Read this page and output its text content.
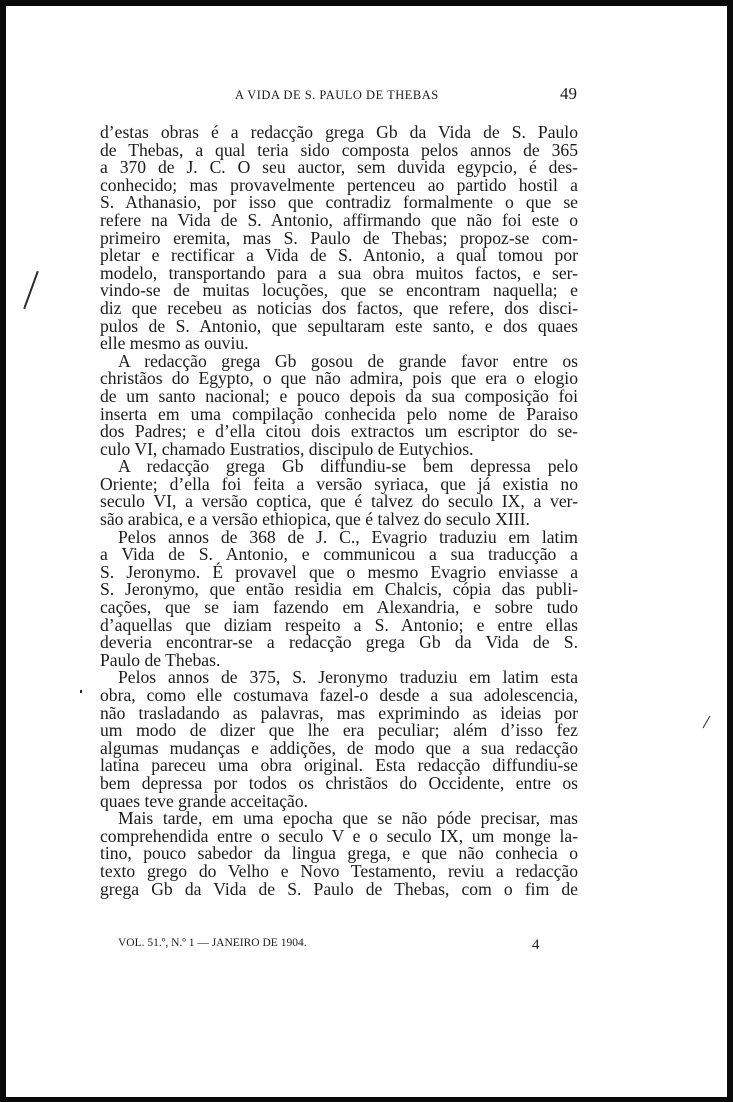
A VIDA DE S. PAULO DE THEBAS	49
d’estas obras é a redacção grega Gb da Vida de S. Paulo
de Thebas, a qual teria sido composta pelos annos de 365
a 370 de J. C. O seu auctor, sem duvida egypcio, é des-
conhecido; mas provavelmente pertenceu ao partido hostil a
S. Athanasio, por isso que contradiz formalmente o que se
refere na Vida de S. Antonio, affirmando que não foi este o
primeiro eremita, mas S. Paulo de Thebas; propoz-se com-
pletar e rectificar a Vida de S. Antonio, a qual tomou por
modelo, transportando para a sua obra muitos factos, e ser-
vindo-se de muitas locuções, que se encontram naquella; e
diz que recebeu as noticias dos factos, que refere, dos disci-
pulos de S. Antonio, que sepultaram este santo, e dos quaes
elle mesmo as ouviu.
A redacção grega Gb gosou de grande favor entre os
christãos do Egypto, o que não admira, pois que era o elogio
de um santo nacional; e pouco depois da sua composição foi
inserta em uma compilação conhecida pelo nome de Paraiso
dos Padres; e d’ella citou dois extractos um escriptor do se-
culo VI, chamado Eustratios, discipulo de Eutychios.
A redacção grega Gb diffundiu-se bem depressa pelo
Oriente; d’ella foi feita a versão syriaca, que já existia no
seculo VI, a versão coptica, que é talvez do seculo IX, a ver-
são arabica, e a versão ethiopica, que é talvez do seculo XIII.
Pelos annos de 368 de J. C., Evagrio traduziu em latim
a Vida de S. Antonio, e communicou a sua traducção a
S. Jeronymo. É provavel que o mesmo Evagrio enviasse a
S. Jeronymo, que então residia em Chalcis, cópia das publi-
cações, que se iam fazendo em Alexandria, e sobre tudo
d’aquellas que diziam respeito a S. Antonio; e entre ellas
deveria encontrar-se a redacção grega Gb da Vida de S.
Paulo de Thebas.
Pelos annos de 375, S. Jeronymo traduziu em latim esta
obra, como elle costumava fazel-o desde a sua adolescencia,
não trasladando as palavras, mas exprimindo as ideias por
um modo de dizer que lhe era peculiar; além d’isso fez
algumas mudanças e addições, de modo que a sua redacção
latina pareceu uma obra original. Esta redacção diffundiu-se
bem depressa por todos os christãos do Occidente, entre os
quaes teve grande acceitação.
Mais tarde, em uma epocha que se não póde precisar, mas
comprehendida entre o seculo V e o seculo IX, um monge la-
tino, pouco sabedor da lingua grega, e que não conhecia o
texto grego do Velho e Novo Testamento, reviu a redacção
grega Gb da Vida de S. Paulo de Thebas, com o fim de
VOL. 51.º, N.º 1 — JANEIRO DE 1904.	4
